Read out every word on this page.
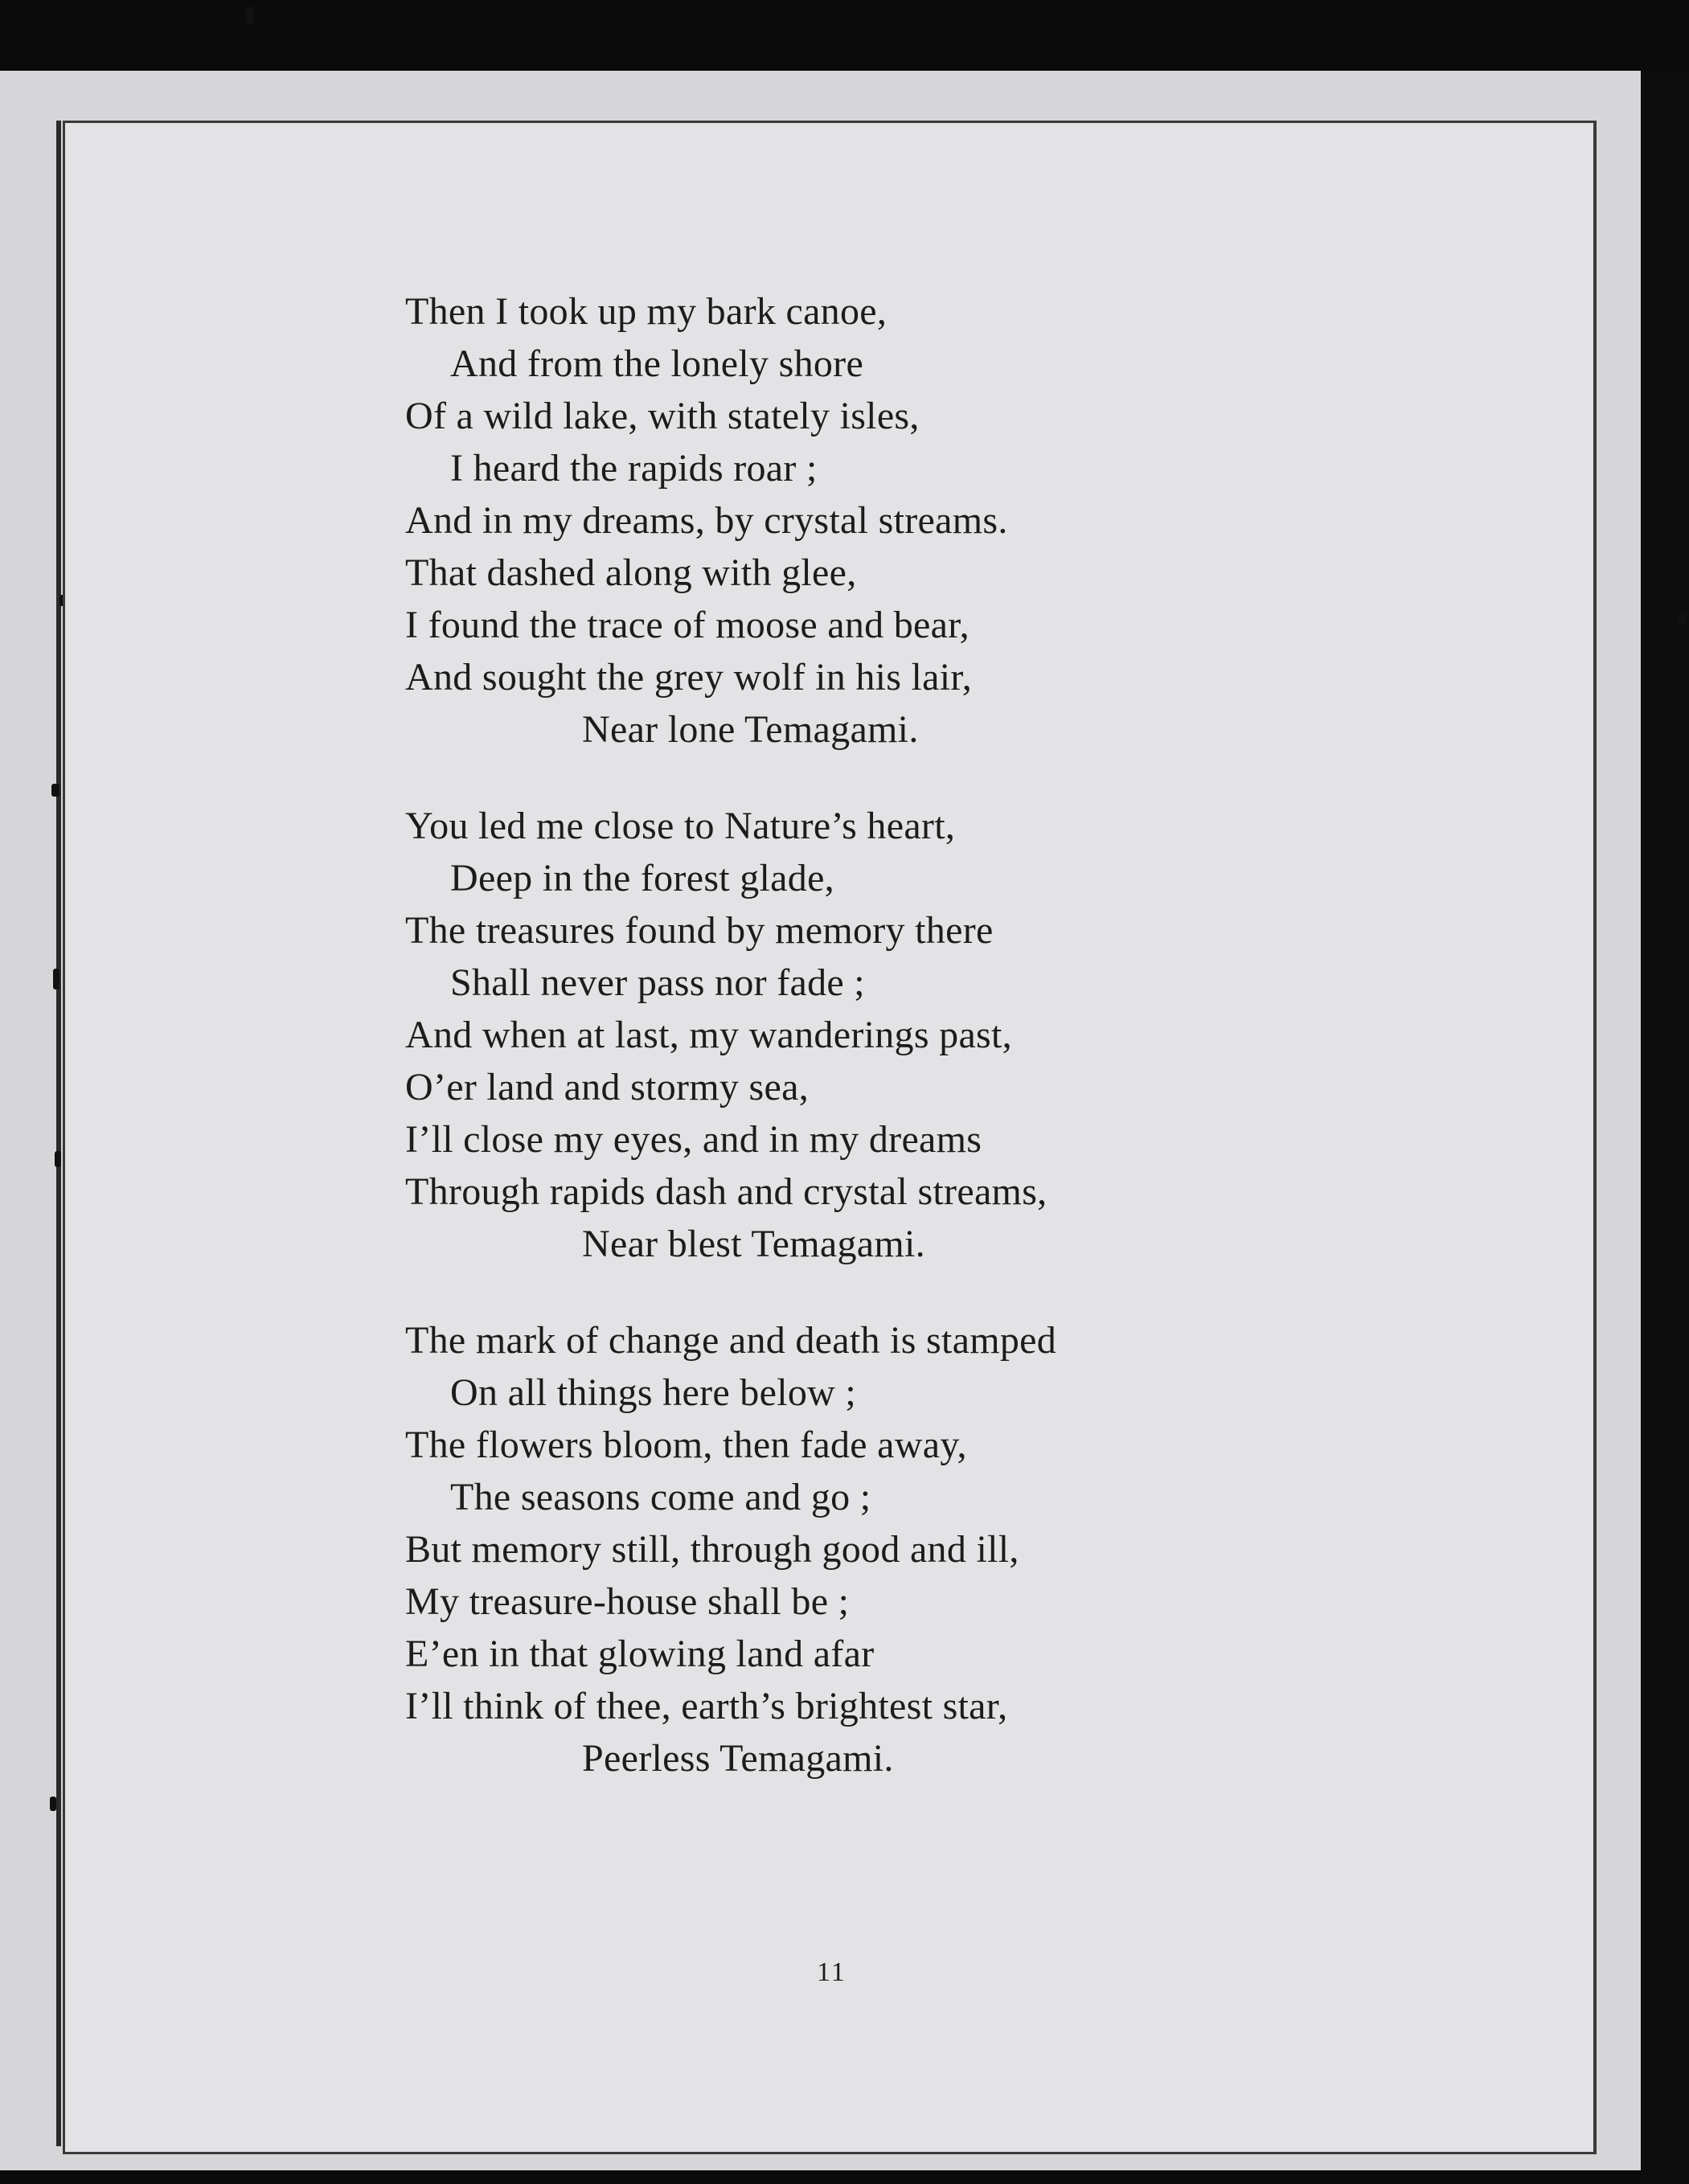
Then I took up my bark canoe,
And from the lonely shore
Of a wild lake, with stately isles,
I heard the rapids roar ;
And in my dreams, by crystal streams.
That dashed along with glee,
I found the trace of moose and bear,
And sought the grey wolf in his lair,
Near lone Temagami.
You led me close to Nature’s heart,
Deep in the forest glade,
The treasures found by memory there
Shall never pass nor fade ;
And when at last, my wanderings past,
O’er land and stormy sea,
I’ll close my eyes, and in my dreams
Through rapids dash and crystal streams,
Near blest Temagami.
The mark of change and death is stamped
On all things here below ;
The flowers bloom, then fade away,
The seasons come and go ;
But memory still, through good and ill,
My treasure-house shall be ;
E’en in that glowing land afar
I’ll think of thee, earth’s brightest star,
Peerless Temagami.
11
